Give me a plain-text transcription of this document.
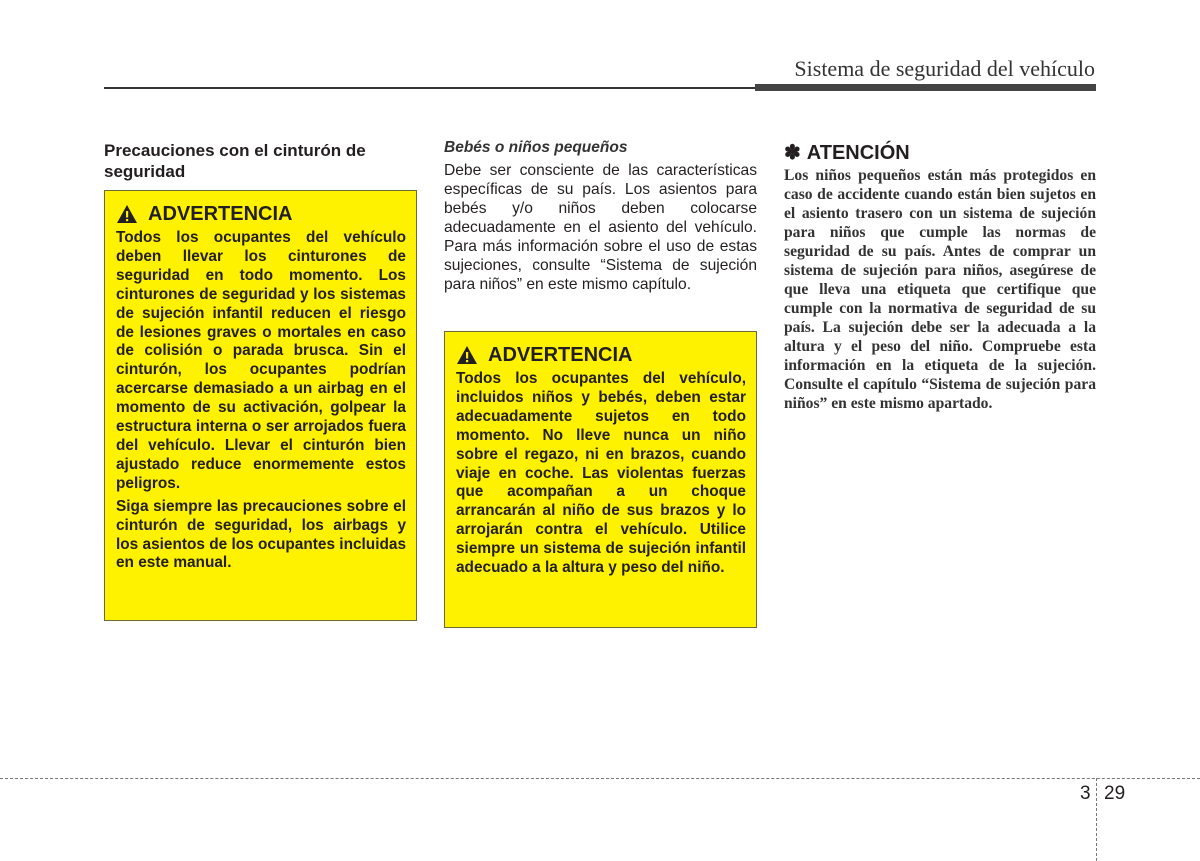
Sistema de seguridad del vehículo
Precauciones con el cinturón de seguridad
ADVERTENCIA

Todos los ocupantes del vehículo deben llevar los cinturones de seguridad en todo momento. Los cinturones de seguridad y los sistemas de sujeción infantil reducen el riesgo de lesiones graves o mortales en caso de colisión o parada brusca. Sin el cinturón, los ocupantes podrían acercarse demasiado a un airbag en el momento de su activación, golpear la estructura interna o ser arrojados fuera del vehículo. Llevar el cinturón bien ajustado reduce enormemente estos peligros.

Siga siempre las precauciones sobre el cinturón de seguridad, los airbags y los asientos de los ocupantes incluidas en este manual.

Bebés o niños pequeños

Debe ser consciente de las características específicas de su país. Los asientos para bebés y/o niños deben colocarse adecuadamente en el asiento del vehículo. Para más información sobre el uso de estas sujeciones, consulte “Sistema de sujeción para niños” en este mismo capítulo.

ADVERTENCIA

Todos los ocupantes del vehículo, incluidos niños y bebés, deben estar adecuadamente sujetos en todo momento. No lleve nunca un niño sobre el regazo, ni en brazos, cuando viaje en coche. Las violentas fuerzas que acompañan a un choque arrancarán al niño de sus brazos y lo arrojarán contra el vehículo. Utilice siempre un sistema de sujeción infantil adecuado a la altura y peso del niño.

✽ ATENCIÓN

Los niños pequeños están más protegidos en caso de accidente cuando están bien sujetos en el asiento trasero con un sistema de sujeción para niños que cumple las normas de seguridad de su país. Antes de comprar un sistema de sujeción para niños, asegúrese de que lleva una etiqueta que certifique que cumple con la normativa de seguridad de su país. La sujeción debe ser la adecuada a la altura y el peso del niño. Compruebe esta información en la etiqueta de la sujeción. Consulte el capítulo “Sistema de sujeción para niños” en este mismo apartado.

3 29
